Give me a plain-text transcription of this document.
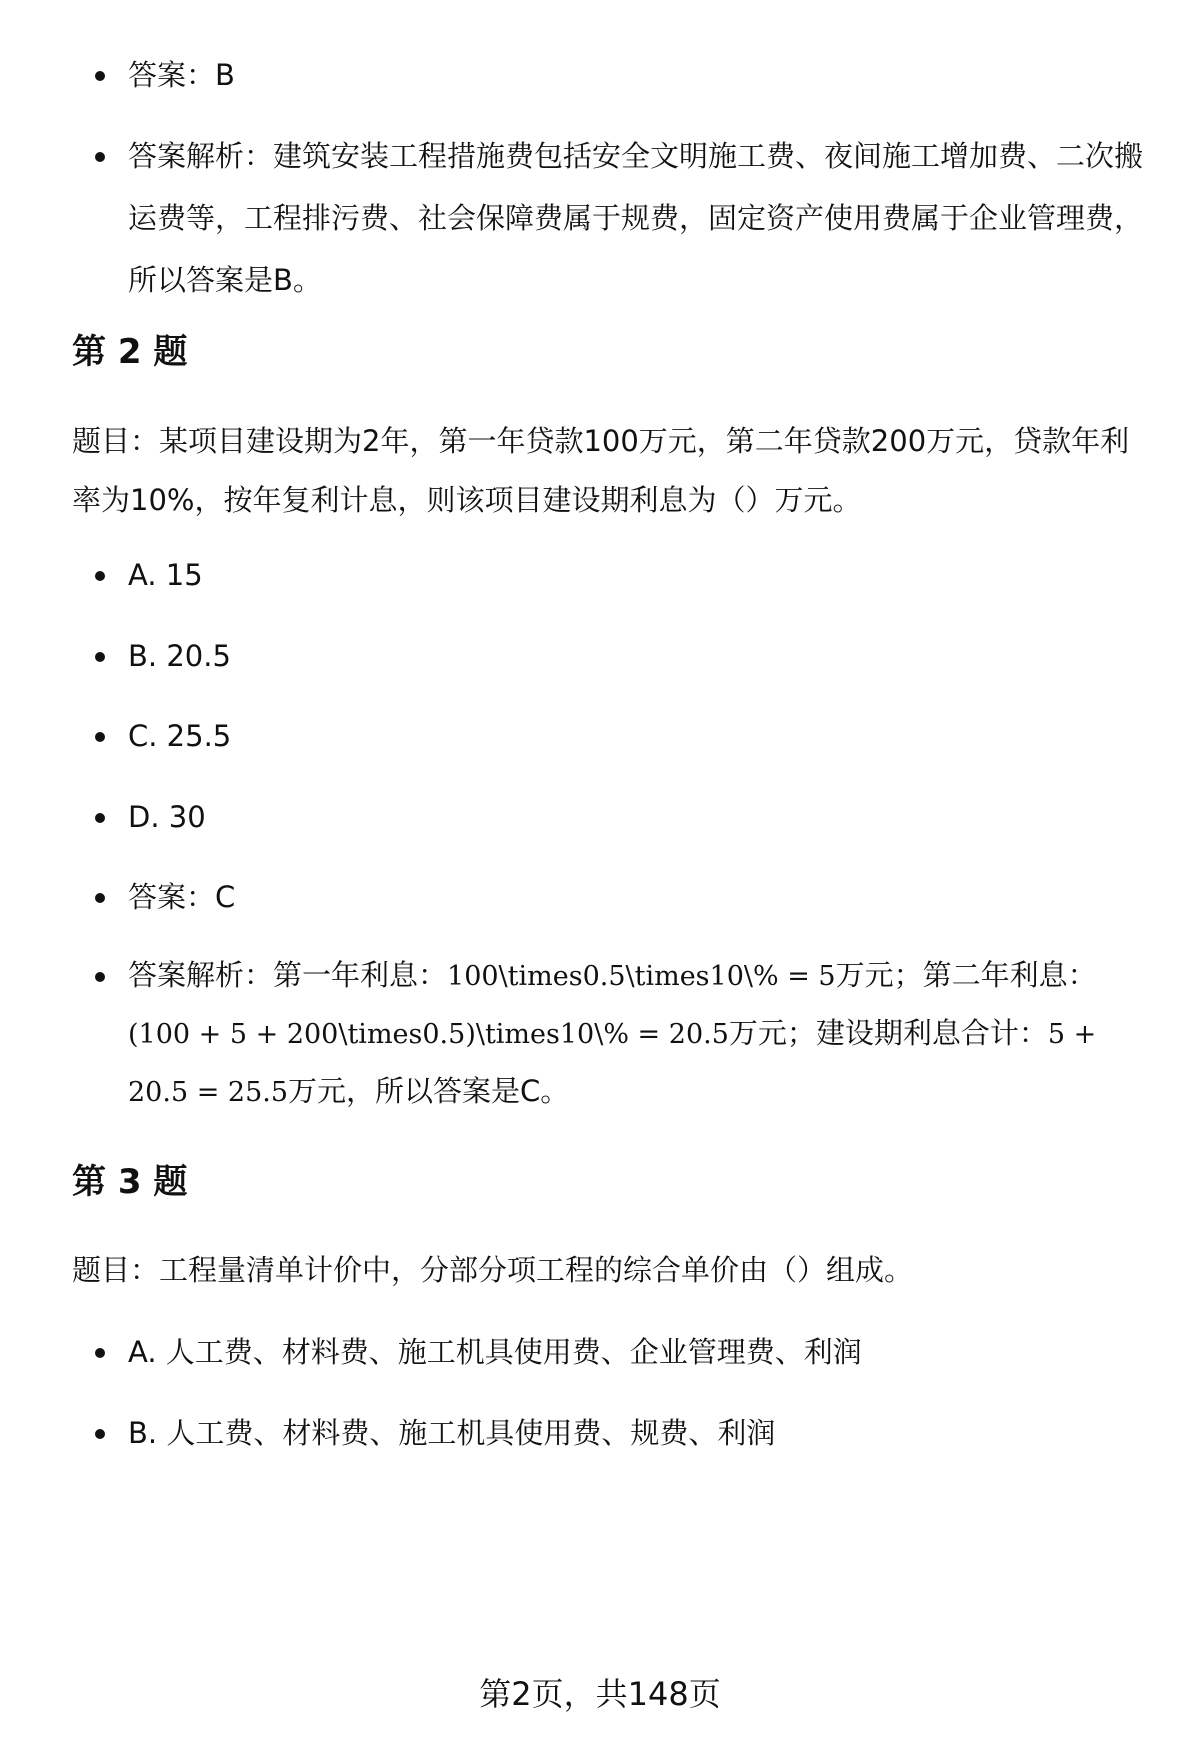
答案：B
答案解析：建筑安装工程措施费包括安全文明施工费、夜间施工增加费、二次搬运费等，工程排污费、社会保障费属于规费，固定资产使用费属于企业管理费，所以答案是B。
第 2 题
题目：某项目建设期为2年，第一年贷款100万元，第二年贷款200万元，贷款年利率为10%，按年复利计息，则该项目建设期利息为（）万元。
A. 15
B. 20.5
C. 25.5
D. 30
答案：C
答案解析：第一年利息：100\times0.5\times10\% = 5万元；第二年利息：(100 + 5 + 200\times0.5)\times10\% = 20.5万元；建设期利息合计：5 + 20.5 = 25.5万元，所以答案是C。
第 3 题
题目：工程量清单计价中，分部分项工程的综合单价由（）组成。
A. 人工费、材料费、施工机具使用费、企业管理费、利润
B. 人工费、材料费、施工机具使用费、规费、利润
第2页，共148页
